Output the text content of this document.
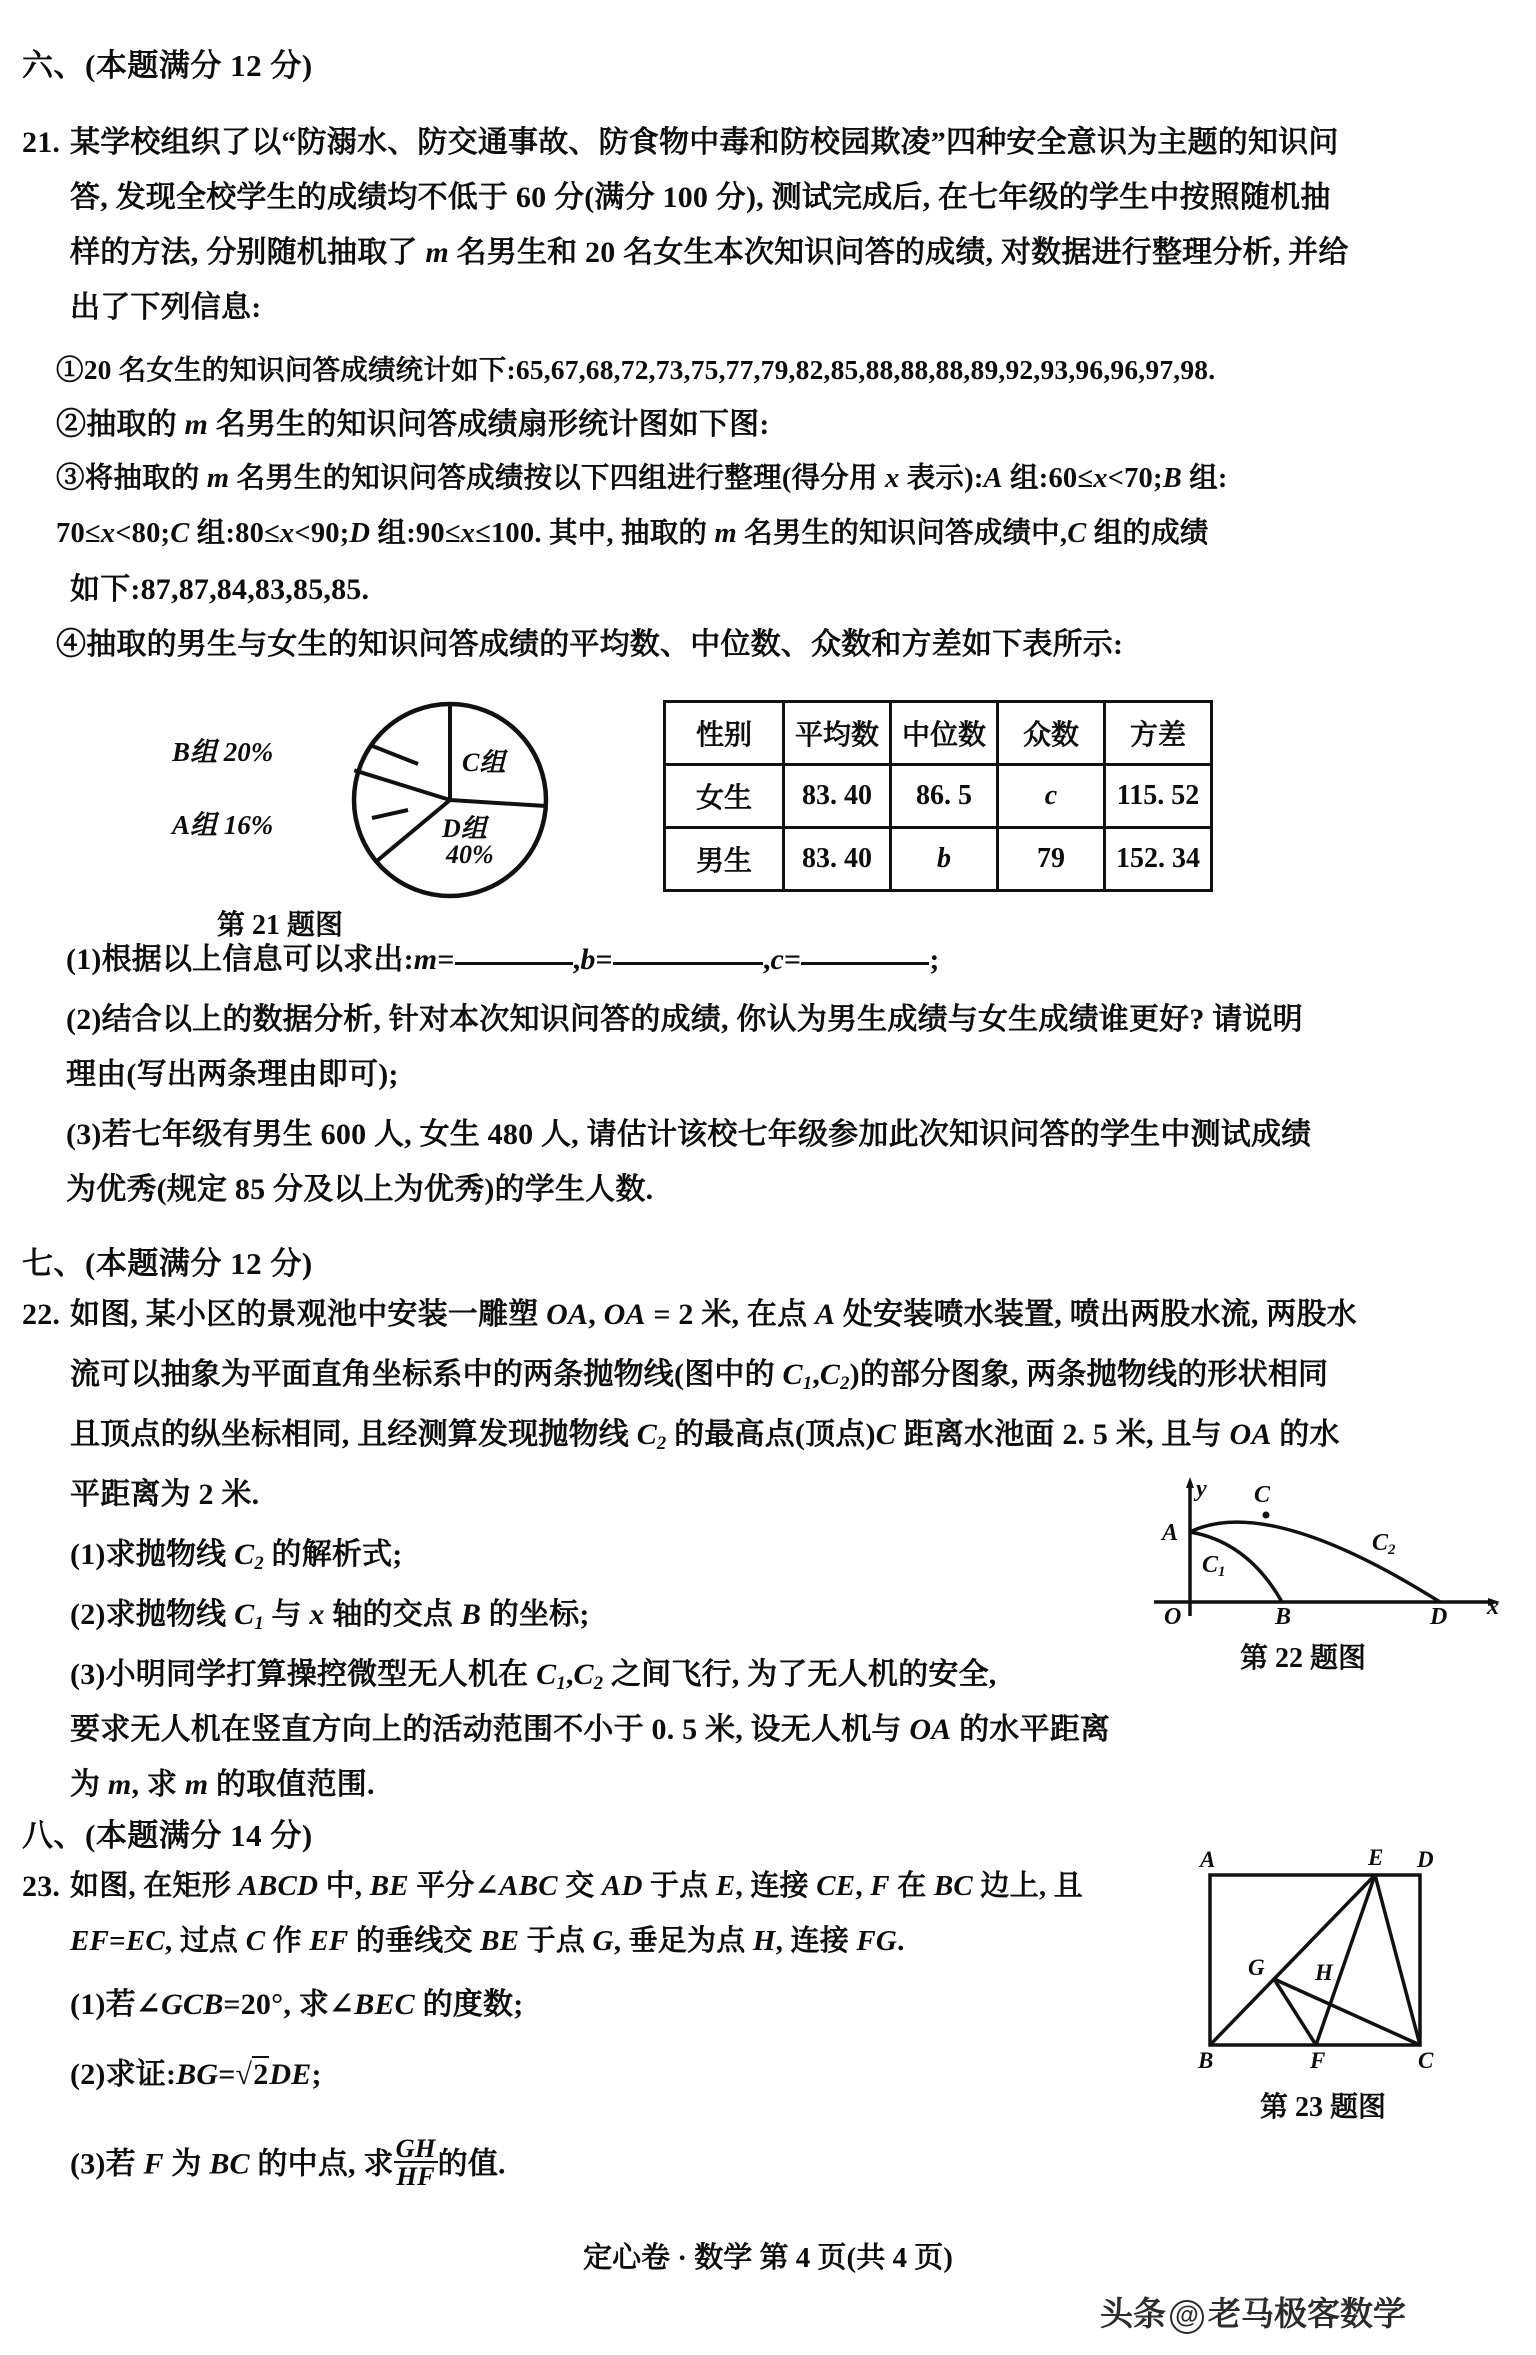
六、(本题满分 12 分)
21. 某学校组织了以“防溺水、防交通事故、防食物中毒和防校园欺凌”四种安全意识为主题的知识问
答, 发现全校学生的成绩均不低于 60 分(满分 100 分), 测试完成后, 在七年级的学生中按照随机抽
样的方法, 分别随机抽取了 m 名男生和 20 名女生本次知识问答的成绩, 对数据进行整理分析, 并给
出了下列信息:
①20 名女生的知识问答成绩统计如下:65,67,68,72,73,75,77,79,82,85,88,88,88,89,92,93,96,96,97,98.
②抽取的 m 名男生的知识问答成绩扇形统计图如下图:
③将抽取的 m 名男生的知识问答成绩按以下四组进行整理(得分用 x 表示):A 组:60≤x<70;B 组:
70≤x<80;C 组:80≤x<90;D 组:90≤x≤100. 其中, 抽取的 m 名男生的知识问答成绩中,C 组的成绩
如下:87,87,84,83,85,85.
④抽取的男生与女生的知识问答成绩的平均数、中位数、众数和方差如下表所示:
B组 20%
A组 16%
C组
D组
40%
第 21 题图
性别	平均数	中位数	众数	方差
女生	83. 40	86. 5	c	115. 52
男生	83. 40	b	79	152. 34
(1)根据以上信息可以求出:m=	,b=	,c=	;
(2)结合以上的数据分析, 针对本次知识问答的成绩, 你认为男生成绩与女生成绩谁更好? 请说明
理由(写出两条理由即可);
(3)若七年级有男生 600 人, 女生 480 人, 请估计该校七年级参加此次知识问答的学生中测试成绩
为优秀(规定 85 分及以上为优秀)的学生人数.
七、(本题满分 12 分)
22. 如图, 某小区的景观池中安装一雕塑 OA, OA = 2 米, 在点 A 处安装喷水装置, 喷出两股水流, 两股水
流可以抽象为平面直角坐标系中的两条抛物线(图中的 $C_1,C_2$)的部分图象, 两条抛物线的形状相同
且顶点的纵坐标相同, 且经测算发现抛物线 $C_2$ 的最高点(顶点)C 距离水池面 2. 5 米, 且与 OA 的水
平距离为 2 米.
(1)求抛物线 $C_2$ 的解析式;
(2)求抛物线 $C_1$ 与 x 轴的交点 B 的坐标;
(3)小明同学打算操控微型无人机在 $C_1,C_2$ 之间飞行, 为了无人机的安全,
要求无人机在竖直方向上的活动范围不小于 0. 5 米, 设无人机与 OA 的水平距离
为 m, 求 m 的取值范围.
y
x
O
A
B
C
D
$C_1$
$C_2$
第 22 题图
八、(本题满分 14 分)
23. 如图, 在矩形 ABCD 中, BE 平分∠ABC 交 AD 于点 E, 连接 CE, F 在 BC 边上, 且
EF=EC, 过点 C 作 EF 的垂线交 BE 于点 G, 垂足为点 H, 连接 FG.
(1)若∠GCB=20°, 求∠BEC 的度数;
(2)求证:BG=√2DE;
(3)若 F 为 BC 的中点, 求 $\frac{GH}{HF}$ 的值.
A	D
E
B	F	C
G H
第 23 题图
定心卷 · 数学 第 4 页(共 4 页)
头条 @ 老马极客数学
